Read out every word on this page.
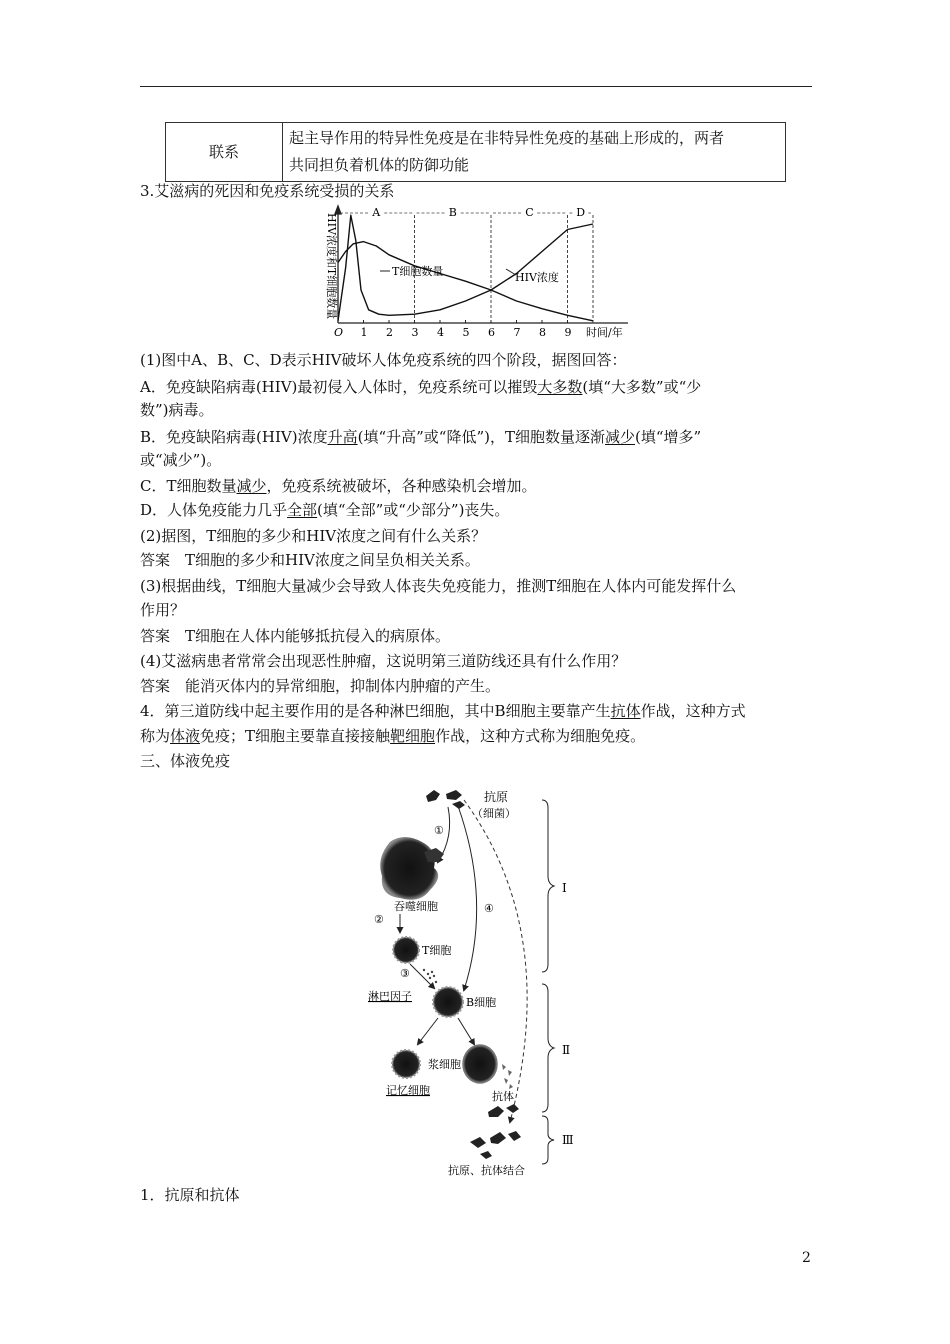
联系	起主导作用的特异性免疫是在非特异性免疫的基础上形成的，两者
共同担负着机体的防御功能
3.艾滋病的死因和免疫系统受损的关系
A	B	C	D
1 2 3 4 5 6 7 8 9
O	时间/年
HIV浓度和T细胞数量	T细胞数量	HIV浓度
(1)图中A、B、C、D表示HIV破坏人体免疫系统的四个阶段，据图回答：
A．免疫缺陷病毒(HIV)最初侵入人体时，免疫系统可以摧毁大多数(填“大多数”或“少
数”)病毒。
B．免疫缺陷病毒(HIV)浓度升高(填“升高”或“降低”)，T细胞数量逐渐减少(填“增多”
或“减少”)。
C．T细胞数量减少，免疫系统被破坏，各种感染机会增加。
D．人体免疫能力几乎全部(填“全部”或“少部分”)丧失。
(2)据图，T细胞的多少和HIV浓度之间有什么关系？
答案　T细胞的多少和HIV浓度之间呈负相关关系。
(3)根据曲线，T细胞大量减少会导致人体丧失免疫能力，推测T细胞在人体内可能发挥什么
作用？
答案　T细胞在人体内能够抵抗侵入的病原体。
(4)艾滋病患者常常会出现恶性肿瘤，这说明第三道防线还具有什么作用？
答案　能消灭体内的异常细胞，抑制体内肿瘤的产生。
4．第三道防线中起主要作用的是各种淋巴细胞，其中B细胞主要靠产生抗体作战，这种方式
称为体液免疫；T细胞主要靠直接接触靶细胞作战，这种方式称为细胞免疫。
三、体液免疫
抗原
（细菌）
①
吞噬细胞
②
T细胞
③
淋巴因子
④
B细胞
记忆细胞
浆细胞
抗体
抗原、抗体结合
Ⅰ
Ⅱ
Ⅲ
1．抗原和抗体
2
